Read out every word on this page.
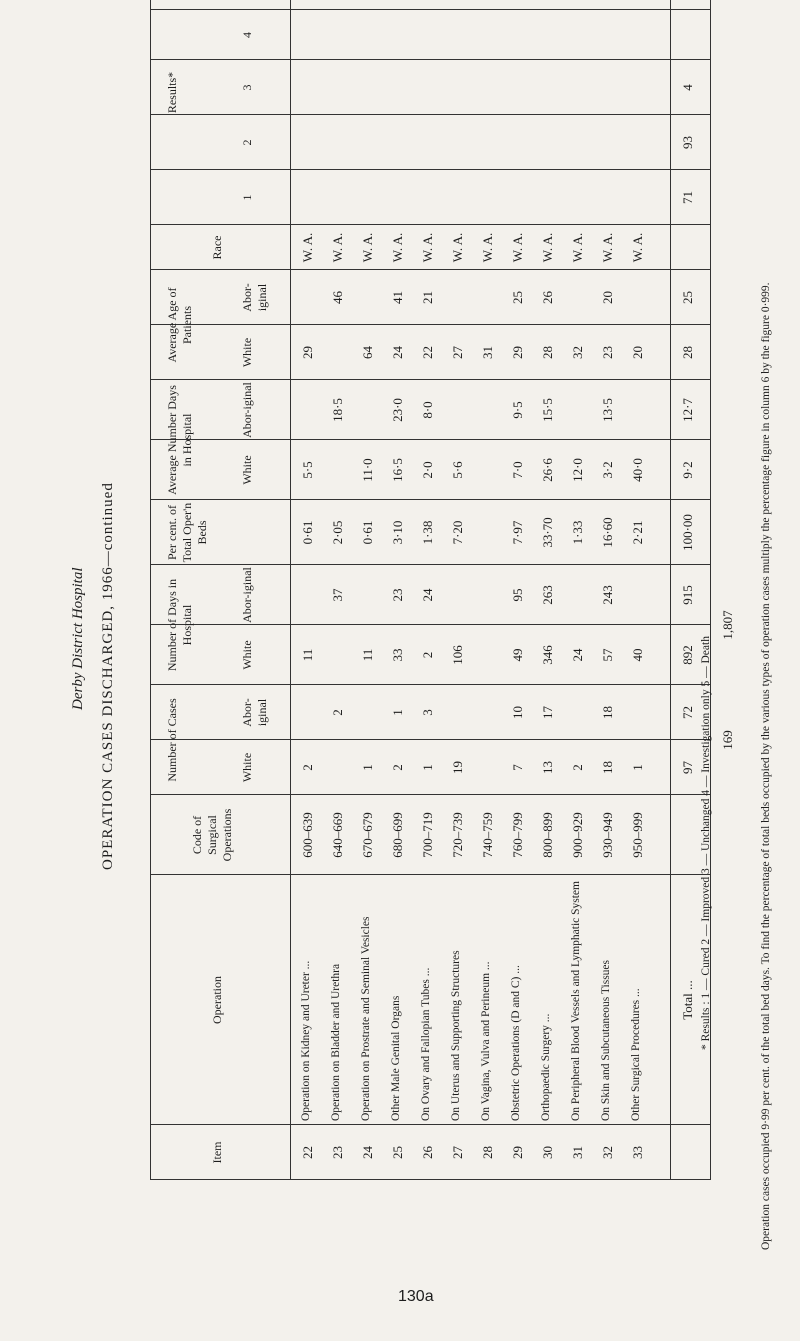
Derby District Hospital OPERATION CASES DISCHARGED, 1966—continued
Item
Operation
Code of Surgical Operations
Number of Cases
Number of Days in Hospital
Per cent. of Total Oper'n Beds
Average Number Days in Hospital
Average Age of Patients
Race
Results*
White
Abor-iginal
White
Abor-iginal
White
Abor-iginal
White
Abor-iginal
1
2
3
4
22
Operation on Kidney and Ureter ...
600–639
2
11
0·61
5·5
29
W. A.
23
Operation on Bladder and Urethra
640–669
2
37
2·05
18·5
46
W. A.
24
Operation on Prostrate and Seminal Vesicles
670–679
1
11
0·61
11·0
64
W. A.
25
Other Male Genital Organs
680–699
2
1
33
23
3·10
16·5
23·0
24
41
W. A.
26
On Ovary and Fallopian Tubes ...
700–719
1
3
2
24
1·38
2·0
8·0
22
21
W. A.
27
On Uterus and Supporting Structures
720–739
19
106
7·20
5·6
27
W. A.
28
On Vagina, Vulva and Perineum ...
740–759
31
W. A.
29
Obstetric Operations (D and C) ...
760–799
7
10
49
95
7·97
7·0
9·5
29
25
W. A.
30
Orthopaedic Surgery ...
800–899
13
17
346
263
33·70
26·6
15·5
28
26
W. A.
31
On Peripheral Blood Vessels and Lymphatic System
900–929
2
24
1·33
12·0
32
W. A.
32
On Skin and Subcutaneous Tissues
930–949
18
18
57
243
16·60
3·2
13·5
23
20
W. A.
33
Other Surgical Procedures ...
950–999
1
40
2·21
40·0
20
W. A.
Total ...
97
72
892
915
100·00
9·2
12·7
28
25
71
93
4
169
1,807 Operation cases occupied 9·99 per cent. of the total bed days. To find the percentage of total beds occupied by the various types of operation cases multiply the percentage figure in column 6 by the figure 0·999.
* Results : 1 — Cured 2 — Improved 3 — Unchanged 4 — Investigation only 5 — Death
130a
